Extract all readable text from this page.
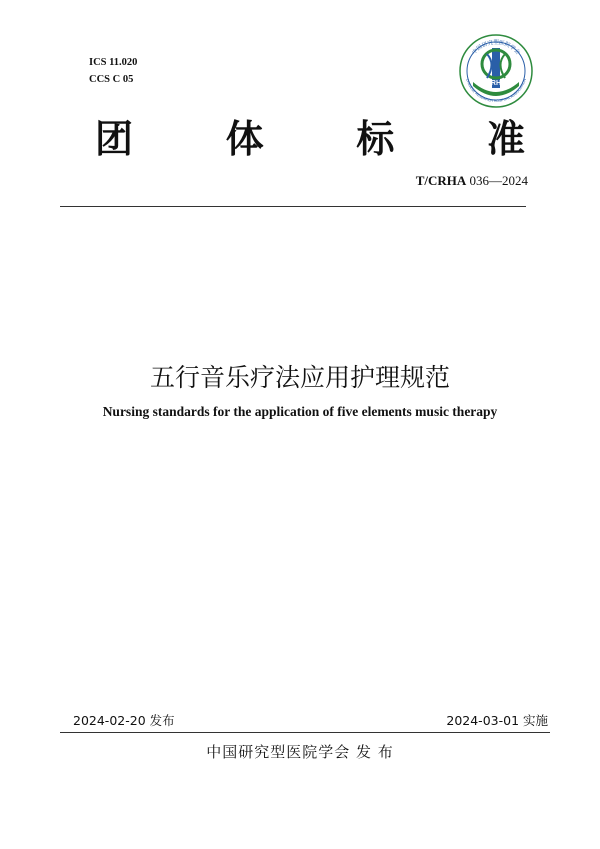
ICS 11.020
CCS C 05	CRHA
中国研究型医院学会
CHINESE RESEARCH HOSPITAL ASSOCIATION
团 体 标 准
T/CRHA 036—2024
五行音乐疗法应用护理规范
Nursing standards for the application of five elements music therapy
2024-02-20 发布	2024-03-01 实施
中国研究型医院学会 发 布
